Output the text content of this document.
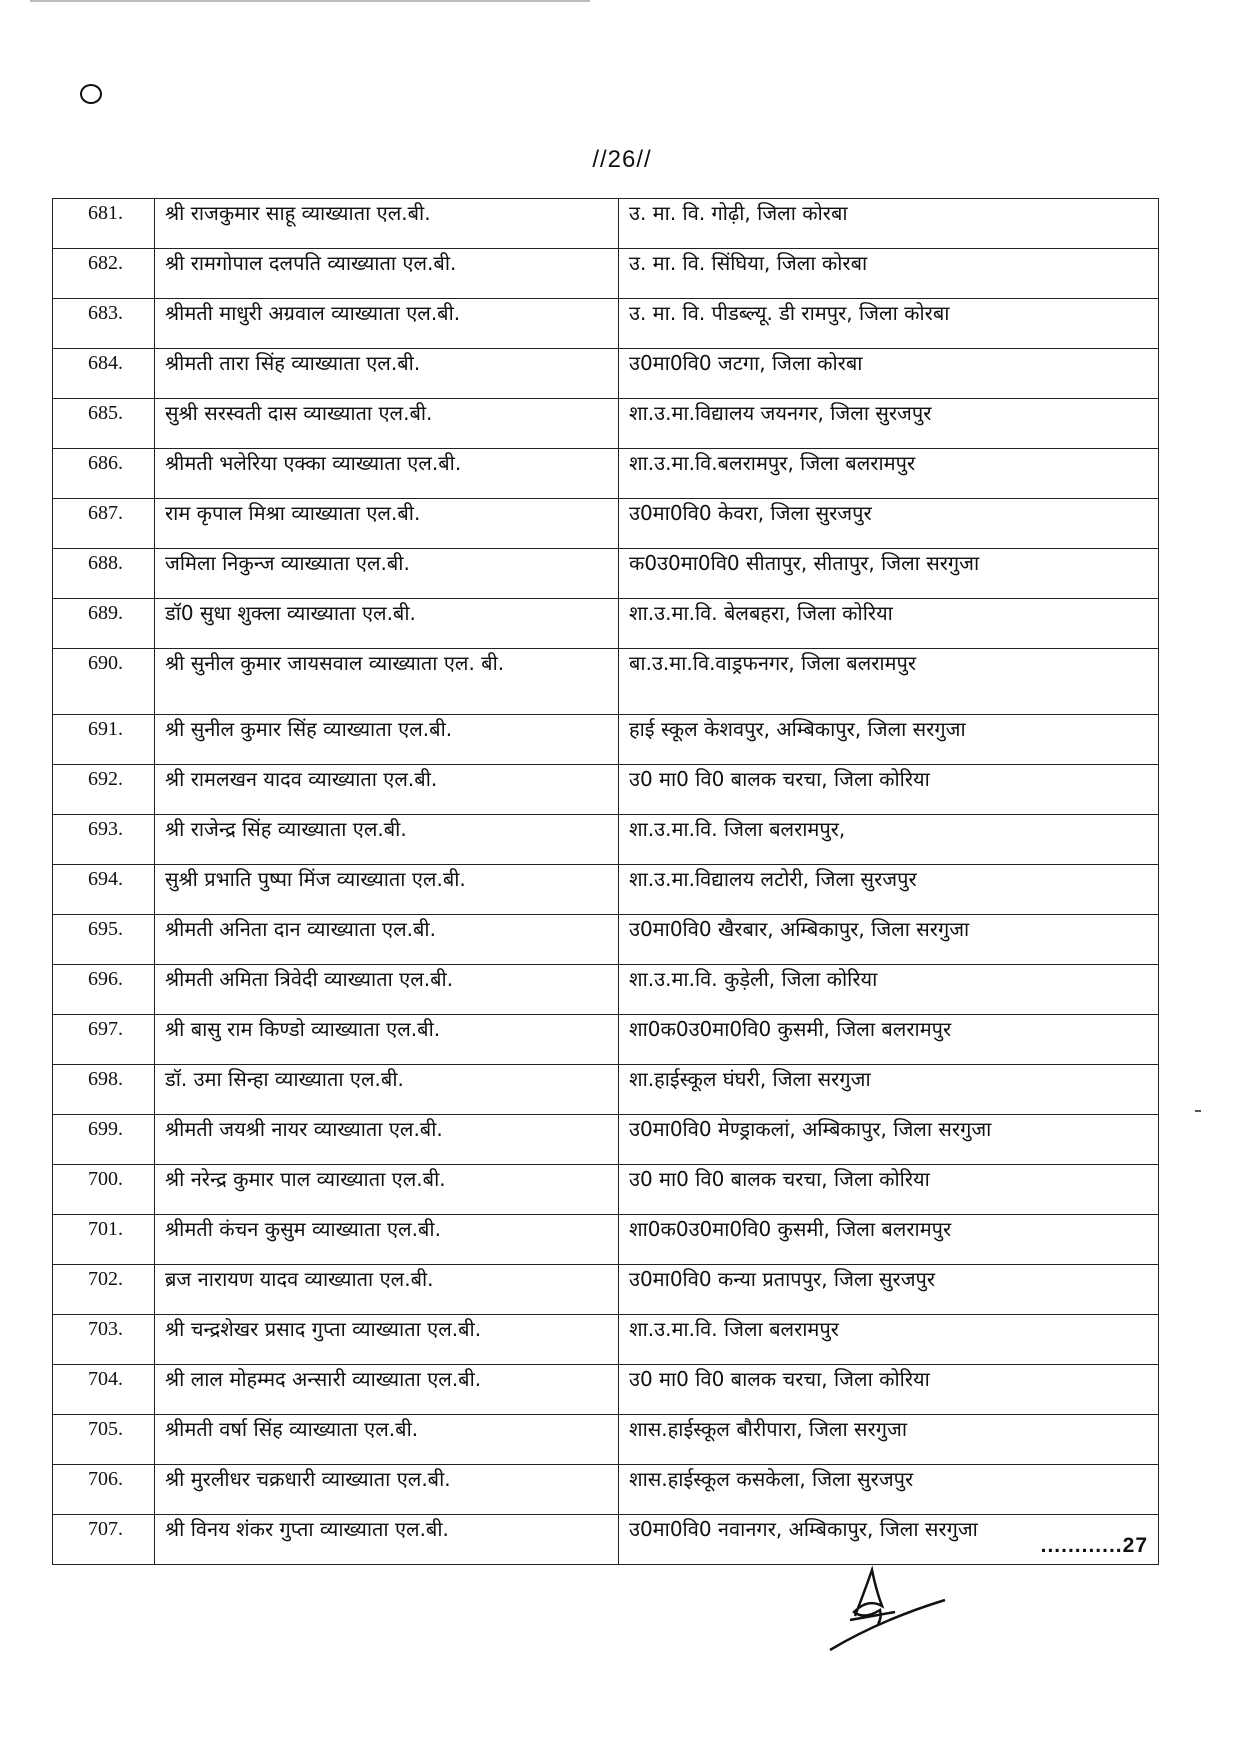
//26//
681.	श्री राजकुमार साहू व्याख्याता एल.बी.	उ. मा. वि. गोढ़ी, जिला कोरबा
682.	श्री रामगोपाल दलपति व्याख्याता एल.बी.	उ. मा. वि. सिंघिया, जिला कोरबा
683.	श्रीमती माधुरी अग्रवाल व्याख्याता एल.बी.	उ. मा. वि. पीडब्ल्यू. डी रामपुर, जिला कोरबा
684.	श्रीमती तारा सिंह व्याख्याता एल.बी.	उ0मा0वि0 जटगा, जिला कोरबा
685.	सुश्री सरस्वती दास व्याख्याता एल.बी.	शा.उ.मा.विद्यालय जयनगर, जिला सुरजपुर
686.	श्रीमती भलेरिया एक्का व्याख्याता एल.बी.	शा.उ.मा.वि.बलरामपुर, जिला बलरामपुर
687.	राम कृपाल मिश्रा व्याख्याता एल.बी.	उ0मा0वि0 केवरा, जिला सुरजपुर
688.	जमिला निकुन्ज व्याख्याता एल.बी.	क0उ0मा0वि0 सीतापुर, सीतापुर, जिला सरगुजा
689.	डॉ0 सुधा शुक्ला व्याख्याता एल.बी.	शा.उ.मा.वि. बेलबहरा, जिला कोरिया
690.	श्री सुनील कुमार जायसवाल व्याख्याता एल. बी.	बा.उ.मा.वि.वाड्रफनगर, जिला बलरामपुर
691.	श्री सुनील कुमार सिंह व्याख्याता एल.बी.	हाई स्कूल केशवपुर, अम्बिकापुर, जिला सरगुजा
692.	श्री रामलखन यादव व्याख्याता एल.बी.	उ0 मा0 वि0 बालक चरचा, जिला कोरिया
693.	श्री राजेन्द्र सिंह व्याख्याता एल.बी.	शा.उ.मा.वि. जिला बलरामपुर,
694.	सुश्री प्रभाति पुष्पा मिंज व्याख्याता एल.बी.	शा.उ.मा.विद्यालय लटोरी, जिला सुरजपुर
695.	श्रीमती अनिता दान व्याख्याता एल.बी.	उ0मा0वि0 खैरबार, अम्बिकापुर, जिला सरगुजा
696.	श्रीमती अमिता त्रिवेदी व्याख्याता एल.बी.	शा.उ.मा.वि. कुड़ेली, जिला कोरिया
697.	श्री बासु राम किण्डो व्याख्याता एल.बी.	शा0क0उ0मा0वि0 कुसमी, जिला बलरामपुर
698.	डॉ. उमा सिन्हा व्याख्याता एल.बी.	शा.हाईस्कूल घंघरी, जिला सरगुजा
699.	श्रीमती जयश्री नायर व्याख्याता एल.बी.	उ0मा0वि0 मेण्ड्राकलां, अम्बिकापुर, जिला सरगुजा
700.	श्री नरेन्द्र कुमार पाल व्याख्याता एल.बी.	उ0 मा0 वि0 बालक चरचा, जिला कोरिया
701.	श्रीमती कंचन कुसुम व्याख्याता एल.बी.	शा0क0उ0मा0वि0 कुसमी, जिला बलरामपुर
702.	ब्रज नारायण यादव व्याख्याता एल.बी.	उ0मा0वि0 कन्या प्रतापपुर, जिला सुरजपुर
703.	श्री चन्द्रशेखर प्रसाद गुप्ता व्याख्याता एल.बी.	शा.उ.मा.वि. जिला बलरामपुर
704.	श्री लाल मोहम्मद अन्सारी व्याख्याता एल.बी.	उ0 मा0 वि0 बालक चरचा, जिला कोरिया
705.	श्रीमती वर्षा सिंह व्याख्याता एल.बी.	शास.हाईस्कूल बौरीपारा, जिला सरगुजा
706.	श्री मुरलीधर चक्रधारी व्याख्याता एल.बी.	शास.हाईस्कूल कसकेला, जिला सुरजपुर
707.	श्री विनय शंकर गुप्ता व्याख्याता एल.बी.	उ0मा0वि0 नवानगर, अम्बिकापुर, जिला सरगुजा
............27
